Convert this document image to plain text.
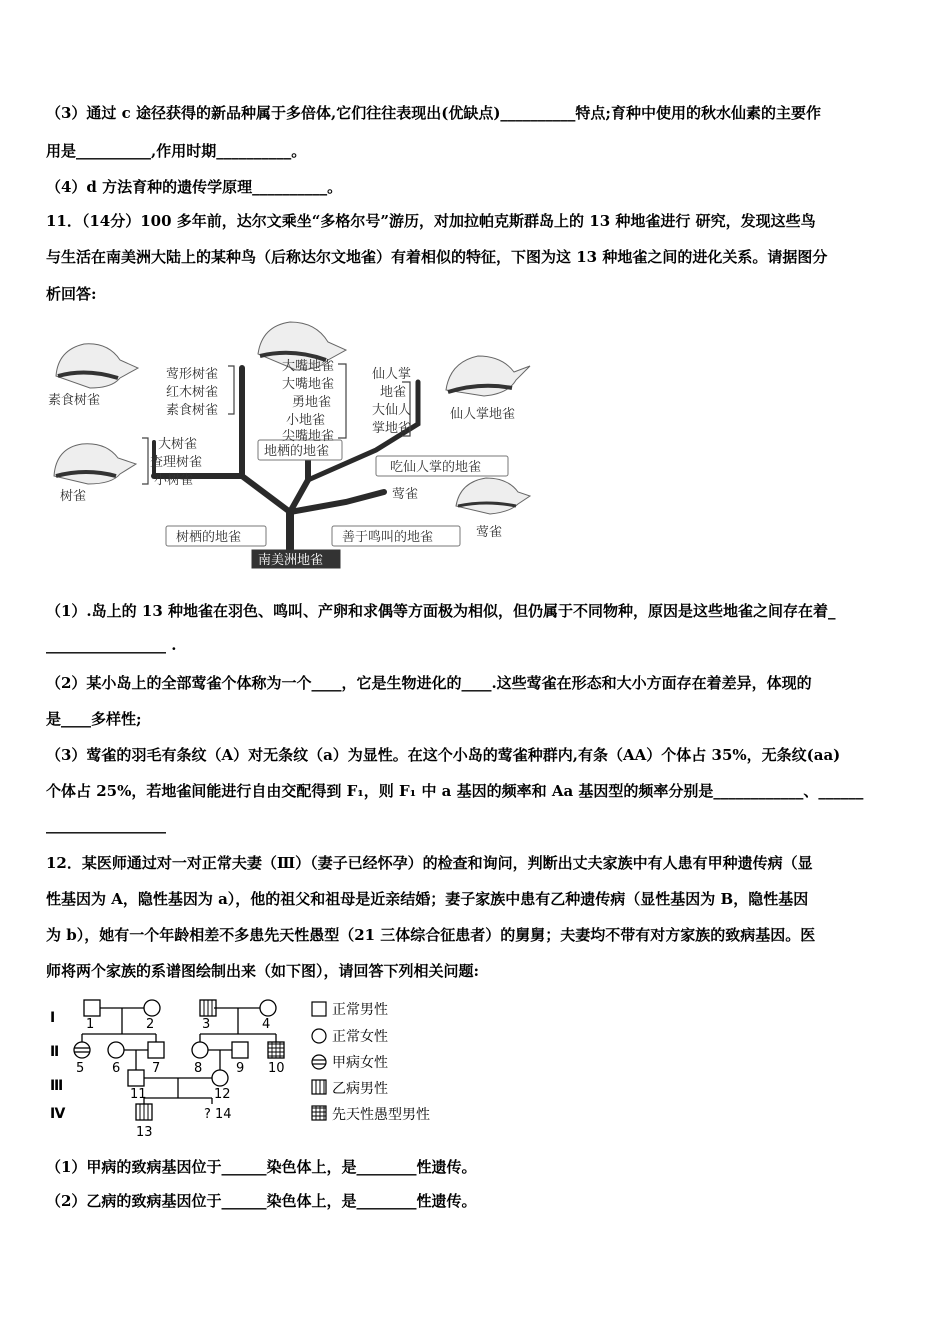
（3）通过 c 途径获得的新品种属于多倍体,它们往往表现出(优缺点)__________特点;育种中使用的秋水仙素的主要作
用是__________,作用时期__________。
（4）d 方法育种的遗传学原理__________。
11．（14分）100 多年前，达尔文乘坐“多格尔号”游历，对加拉帕克斯群岛上的 13 种地雀进行 研究，发现这些鸟
与生活在南美洲大陆上的某种鸟（后称达尔文地雀）有着相似的特征，下图为这 13 种地雀之间的进化关系。请据图分
析回答:
素食树雀
树雀
仙人掌地雀
莺雀
莺形树雀
红木树雀
素食树雀
大嘴地雀
大嘴地雀
勇地雀
小地雀
尖嘴地雀
仙人掌
地雀
大仙人
掌地雀
大树雀
查理树雀
小树雀
地栖的地雀
吃仙人掌的地雀
莺雀
树栖的地雀	善于鸣叫的地雀
南美洲地雀
（1）.岛上的 13 种地雀在羽色、鸣叫、产卵和求偶等方面极为相似，但仍属于不同物种，原因是这些地雀之间存在着_
________________ .
（2）某小岛上的全部莺雀个体称为一个____，它是生物进化的____.这些莺雀在形态和大小方面存在着差异，体现的
是____多样性;
（3）莺雀的羽毛有条纹（A）对无条纹（a）为显性。在这个小岛的莺雀种群内,有条（AA）个体占 35%，无条纹(aa)
个体占 25%，若地雀间能进行自由交配得到 F₁，则 F₁ 中 a 基因的频率和 Aa 基因型的频率分别是____________、______
________________
12．某医师通过对一对正常夫妻（Ⅲ）（妻子已经怀孕）的检查和询问，判断出丈夫家族中有人患有甲种遗传病（显
性基因为 A，隐性基因为 a），他的祖父和祖母是近亲结婚；妻子家族中患有乙种遗传病（显性基因为 B，隐性基因
为 b），她有一个年龄相差不多患先天性愚型（21 三体综合征患者）的舅舅；夫妻均不带有对方家族的致病基因。医
师将两个家族的系谱图绘制出来（如下图），请回答下列相关问题:
Ⅰ
Ⅱ
Ⅲ
Ⅳ
1	2	3	4
5 6 7	8	9 10
11	12
13
? 14
正常男性
正常女性
甲病女性
乙病男性
先天性愚型男性
（1）甲病的致病基因位于______染色体上，是________性遗传。
（2）乙病的致病基因位于______染色体上，是________性遗传。
